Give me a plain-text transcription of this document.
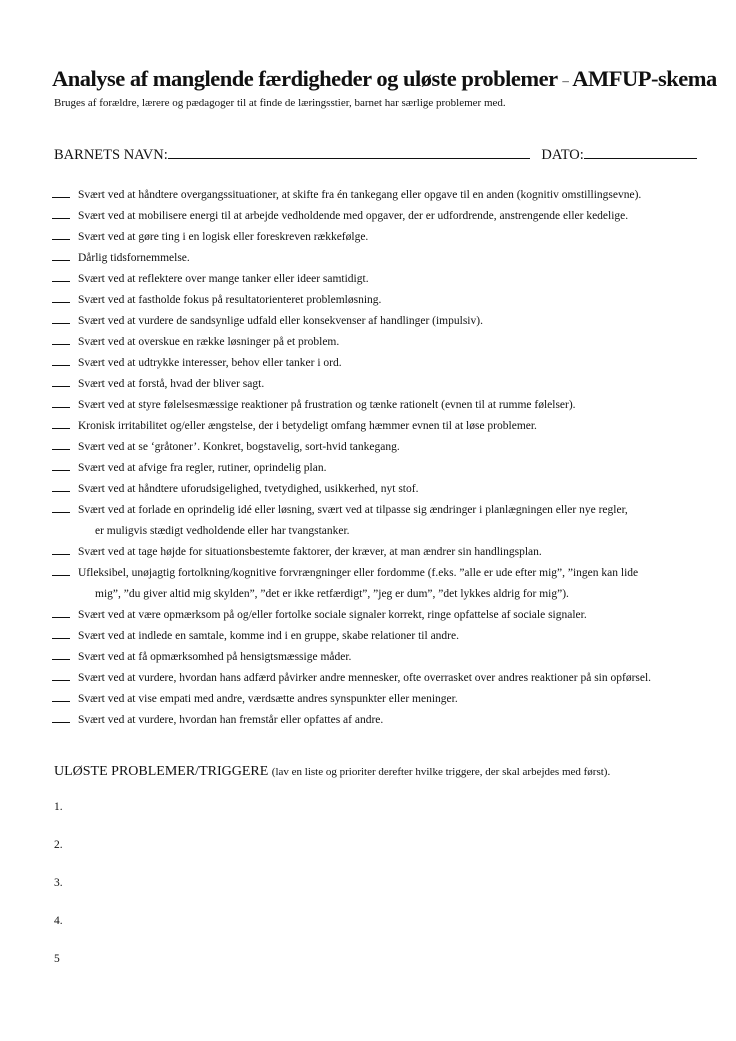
Analyse af manglende færdigheder og uløste problemer – AMFUP-skema
Bruges af forældre, lærere og pædagoger til at finde de læringsstier, barnet har særlige problemer med.
BARNETS NAVN:	DATO:
Svært ved at håndtere overgangssituationer, at skifte fra én tankegang eller opgave til en anden (kognitiv omstillingsevne).
Svært ved at mobilisere energi til at arbejde vedholdende med opgaver, der er udfordrende, anstrengende eller kedelige.
Svært ved at gøre ting i en logisk eller foreskreven rækkefølge.
Dårlig tidsfornemmelse.
Svært ved at reflektere over mange tanker eller ideer samtidigt.
Svært ved at fastholde fokus på resultatorienteret problemløsning.
Svært ved at vurdere de sandsynlige udfald eller konsekvenser af handlinger (impulsiv).
Svært ved at overskue en række løsninger på et problem.
Svært ved at udtrykke interesser, behov eller tanker i ord.
Svært ved at forstå, hvad der bliver sagt.
Svært ved at styre følelsesmæssige reaktioner på frustration og tænke rationelt (evnen til at rumme følelser).
Kronisk irritabilitet og/eller ængstelse, der i betydeligt omfang hæmmer evnen til at løse problemer.
Svært ved at se ‘gråtoner’. Konkret, bogstavelig, sort-hvid tankegang.
Svært ved at afvige fra regler, rutiner, oprindelig plan.
Svært ved at håndtere uforudsigelighed, tvetydighed, usikkerhed, nyt stof.
Svært ved at forlade en oprindelig idé eller løsning, svært ved at tilpasse sig ændringer i planlægningen eller nye regler,
er muligvis stædigt vedholdende eller har tvangstanker.
Svært ved at tage højde for situationsbestemte faktorer, der kræver, at man ændrer sin handlingsplan.
Ufleksibel, unøjagtig fortolkning/kognitive forvrængninger eller fordomme (f.eks. ”alle er ude efter mig”, ”ingen kan lide
mig”, ”du giver altid mig skylden”, ”det er ikke retfærdigt”, ”jeg er dum”, ”det lykkes aldrig for mig”).
Svært ved at være opmærksom på og/eller fortolke sociale signaler korrekt, ringe opfattelse af sociale signaler.
Svært ved at indlede en samtale, komme ind i en gruppe, skabe relationer til andre.
Svært ved at få opmærksomhed på hensigtsmæssige måder.
Svært ved at vurdere, hvordan hans adfærd påvirker andre mennesker, ofte overrasket over andres reaktioner på sin opførsel.
Svært ved at vise empati med andre, værdsætte andres synspunkter eller meninger.
Svært ved at vurdere, hvordan han fremstår eller opfattes af andre.
ULØSTE PROBLEMER/TRIGGERE (lav en liste og prioriter derefter hvilke triggere, der skal arbejdes med først).
1.
2.
3.
4.
5
